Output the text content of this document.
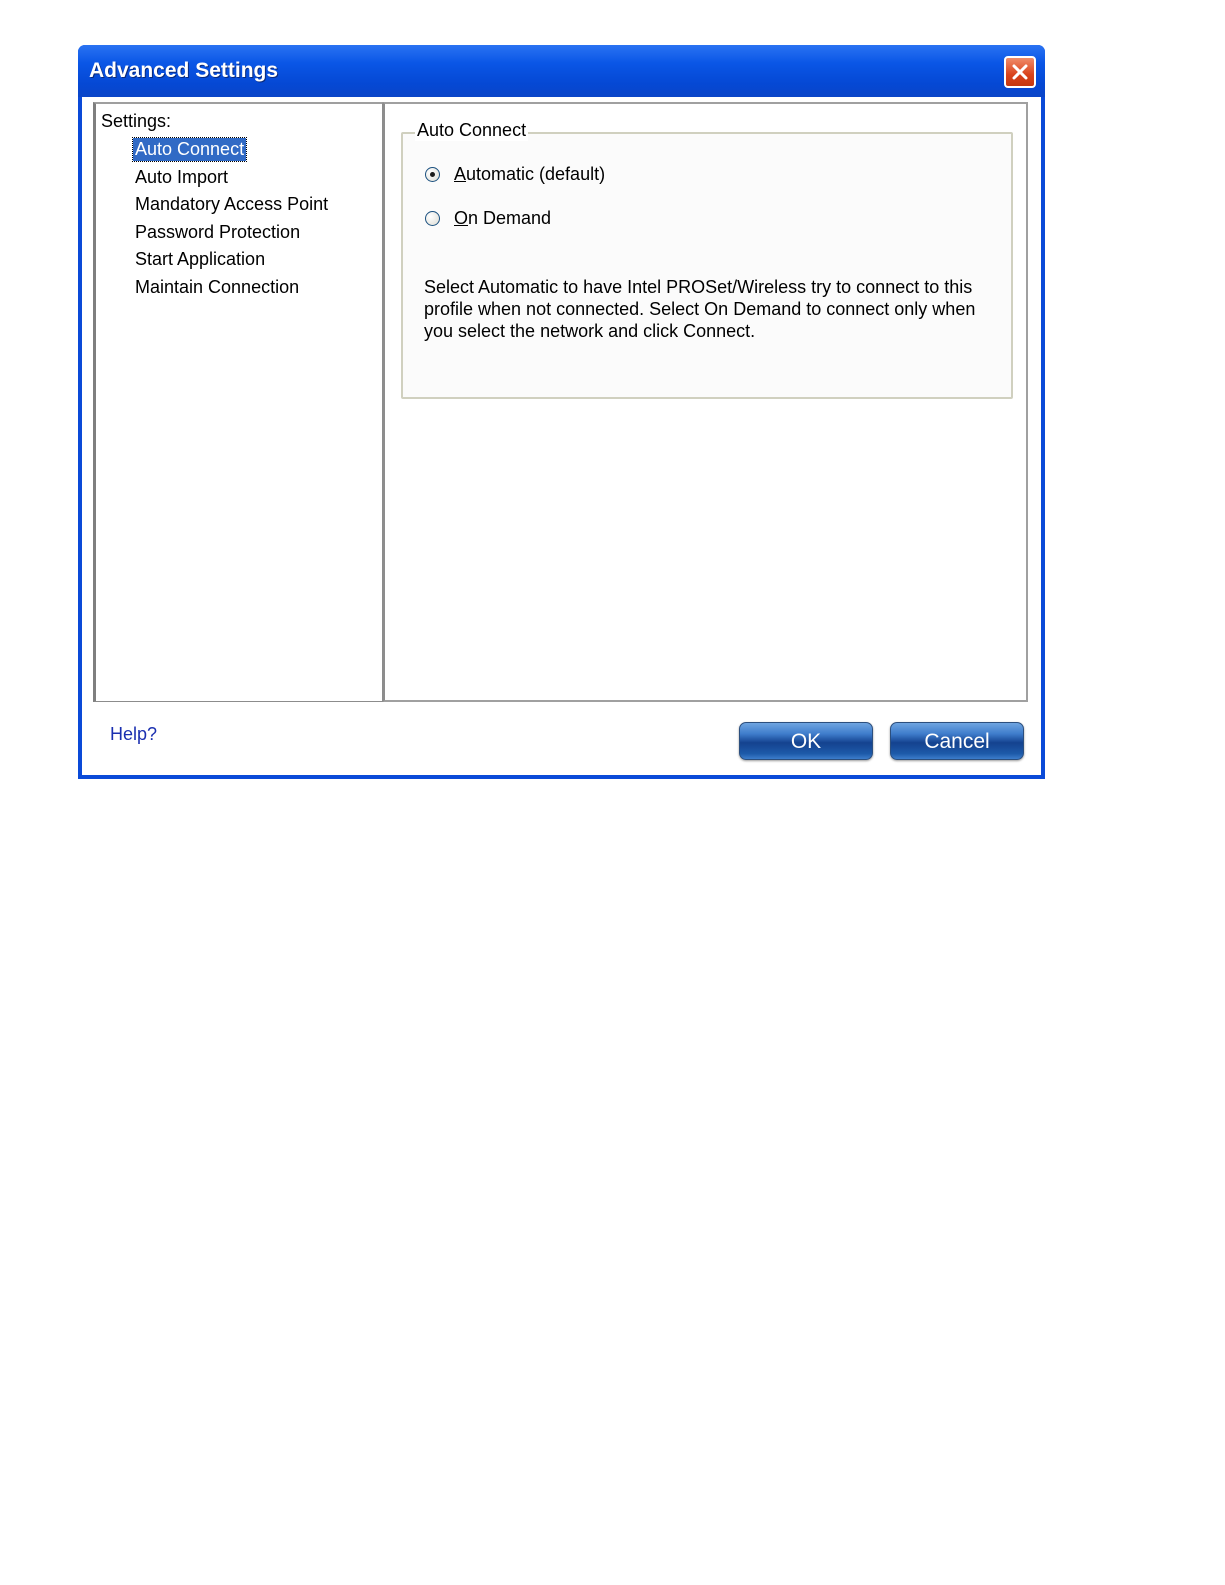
Advanced Settings
Settings:
Auto Connect
Auto Import
Mandatory Access Point
Password Protection
Start Application
Maintain Connection
Auto Connect
Automatic (default)
On Demand
Select Automatic to have Intel PROSet/Wireless try to connect to this profile when not connected. Select On Demand to connect only when you select the network and click Connect.
Help?	OK	Cancel
